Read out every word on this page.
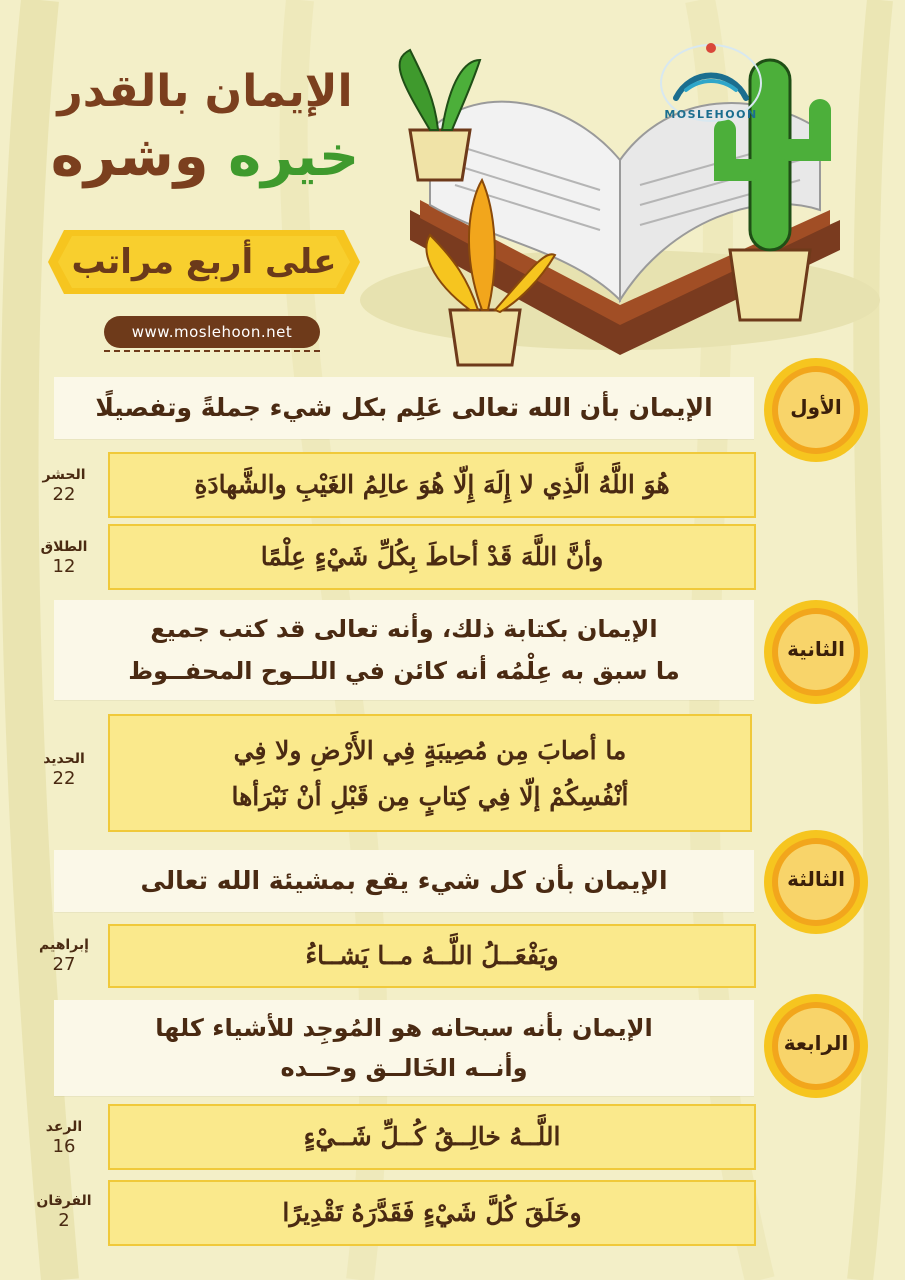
MOSLEHOON
الإيمان بالقدر
خيره وشره
على أربع مراتب
www.moslehoon.net
الإيمان بأن الله تعالى عَلِم بكل شيء جملةً وتفصيلًا	الأول
هُوَ اللَّهُ الَّذِي لا إِلَهَ إِلّا هُوَ عالِمُ الغَيْبِ والشَّهادَةِ
الحشر
22
وأنَّ اللَّهَ قَدْ أحاطَ بِكُلِّ شَيْءٍ عِلْمًا
الطلاق
12
الإيمان بكتابة ذلك، وأنه تعالى قد كتب جميع
ما سبق به عِلْمُه أنه كائن في اللــوح المحفــوظ
الثانية
ما أصابَ مِن مُصِيبَةٍ فِي الأَرْضِ ولا فِي
أنْفُسِكُمْ إلّا فِي كِتابٍ مِن قَبْلِ أنْ نَبْرَأها
الحديد
22
الإيمان بأن كل شيء يقع بمشيئة الله تعالى	الثالثة
ويَفْعَــلُ اللَّــهُ مــا يَشــاءُ
إبراهيم
27
الإيمان بأنه سبحانه هو المُوجِد للأشياء كلها
وأنــه الخَالــق وحــده
الرابعة
اللَّــهُ خالِــقُ كُــلِّ شَــيْءٍ
الرعد
16
وخَلَقَ كُلَّ شَيْءٍ فَقَدَّرَهُ تَقْدِيرًا
الفرقان
2
